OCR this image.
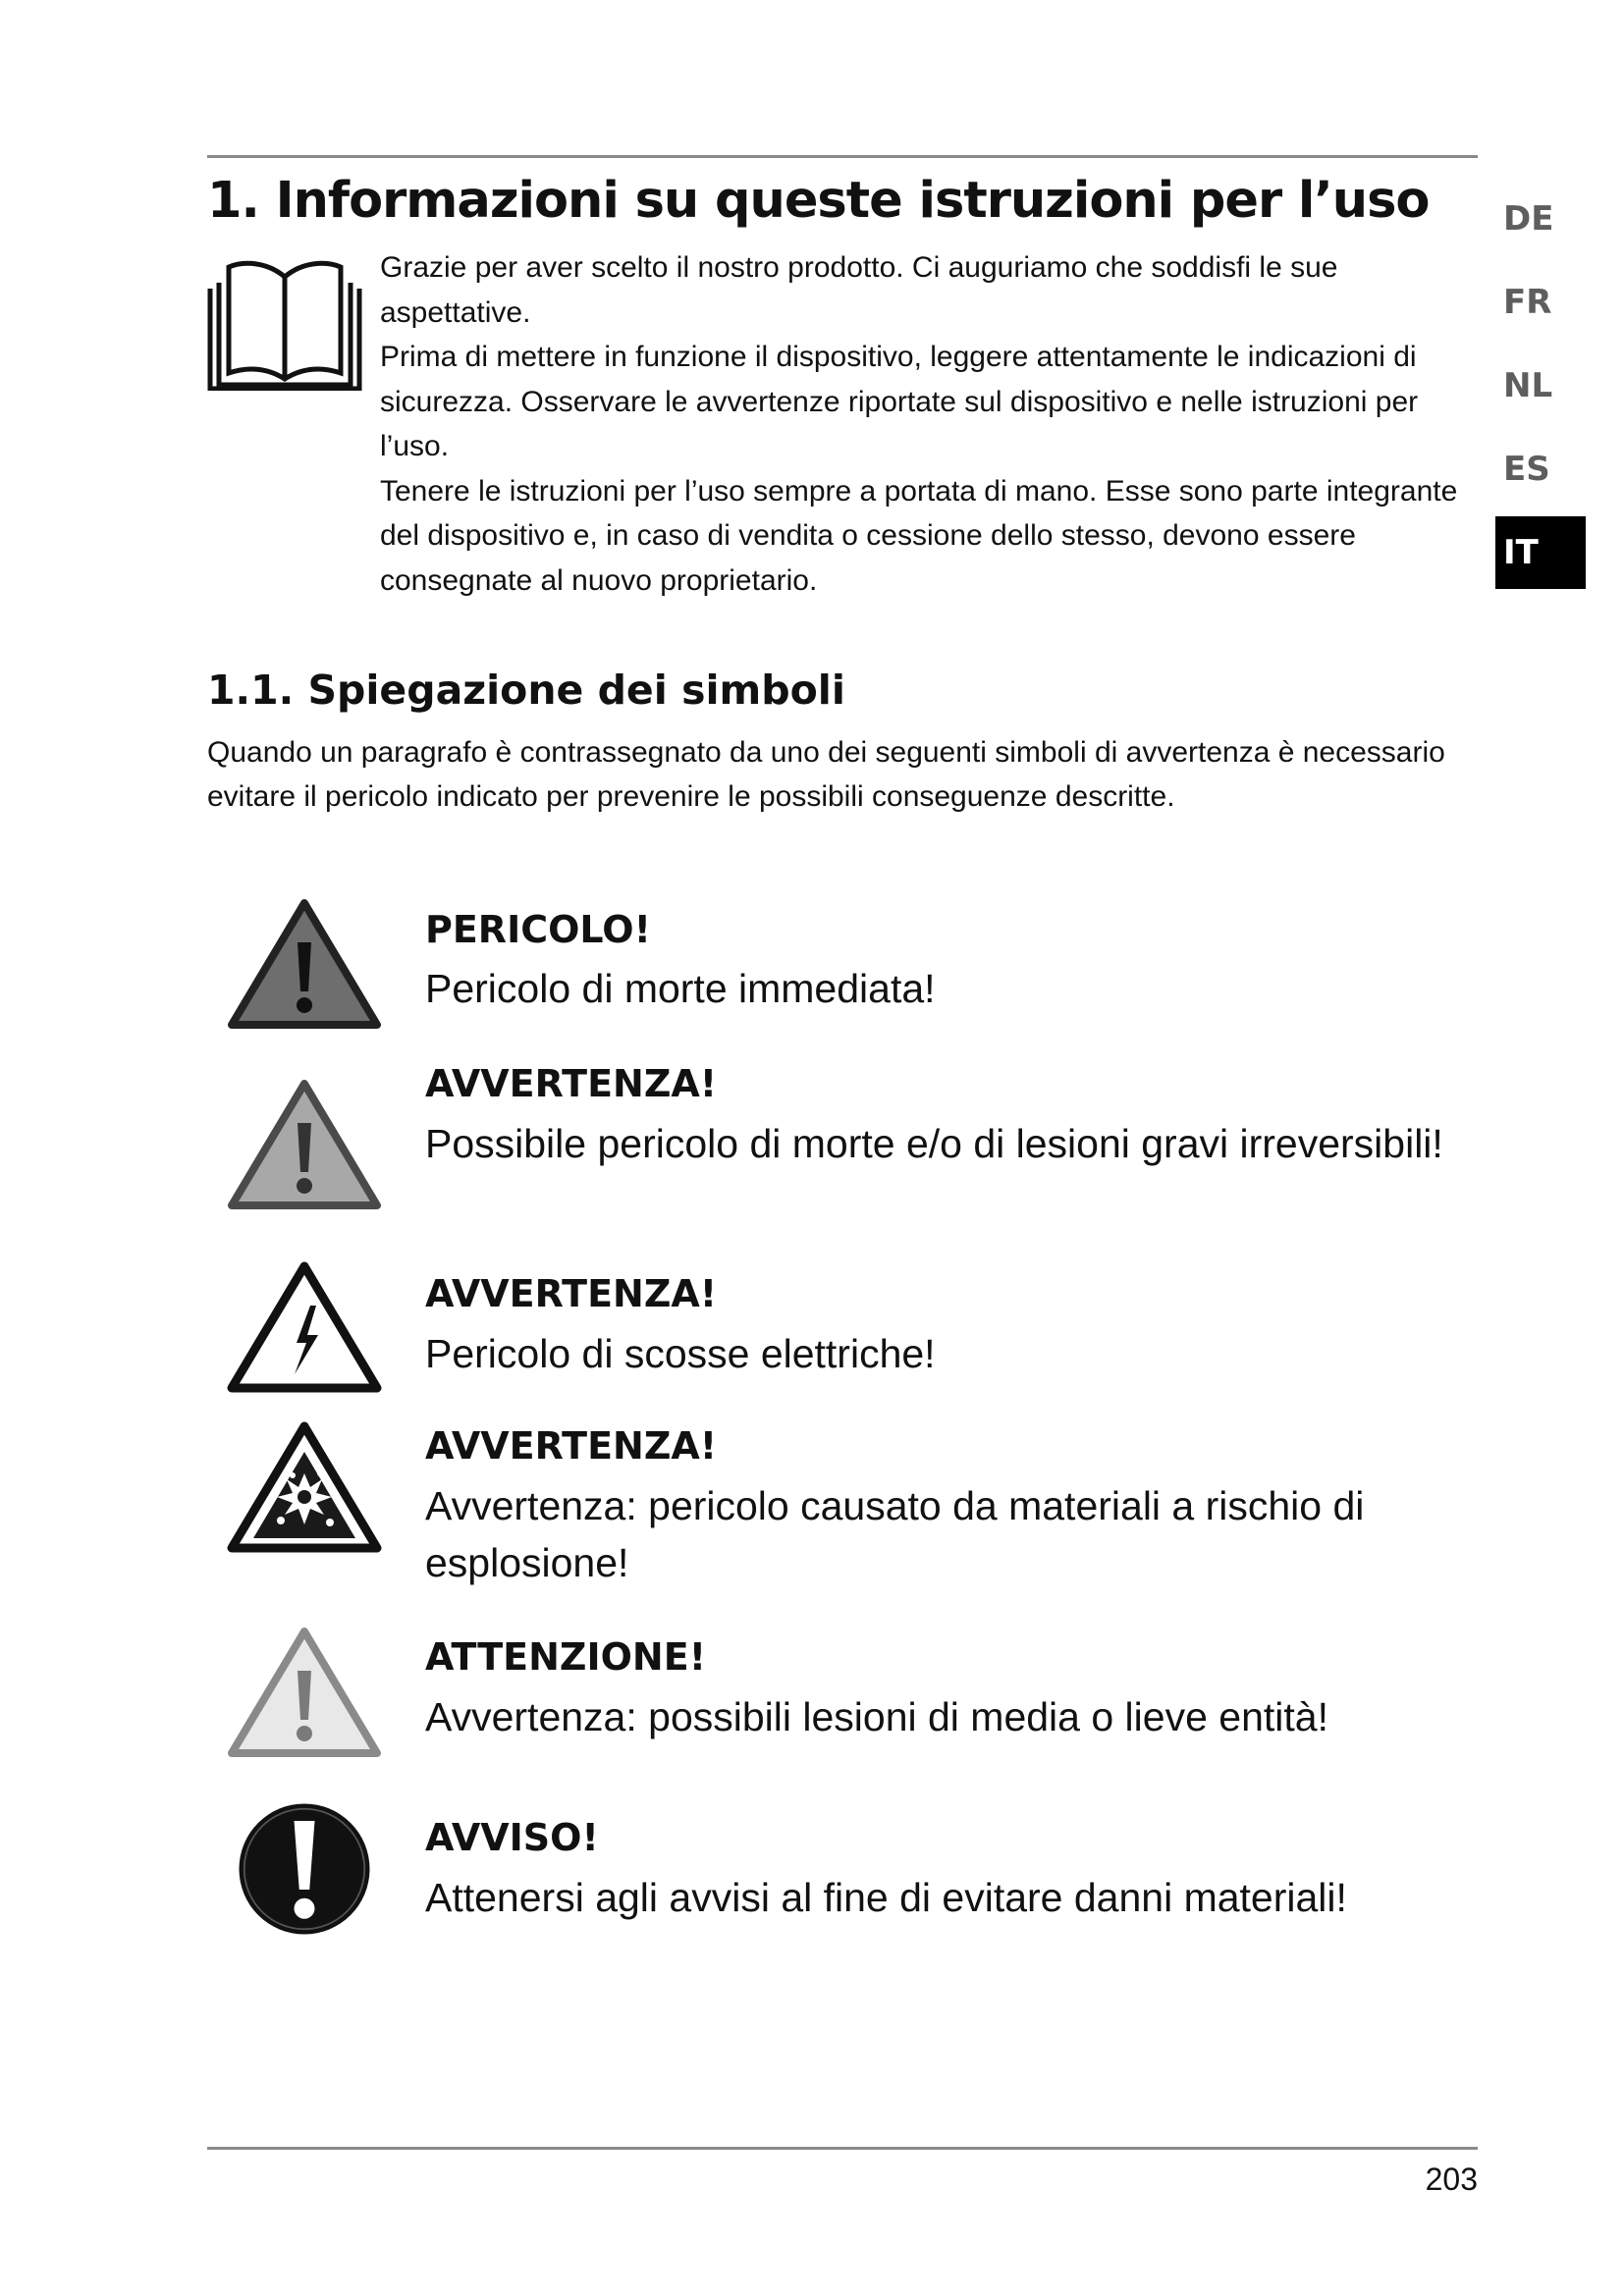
1. Informazioni su queste istruzioni per l’uso

Grazie per aver scelto il nostro prodotto. Ci auguriamo che soddisfi le sue aspettative.

Prima di mettere in funzione il dispositivo, leggere attentamente le indicazioni di sicurezza. Osservare le avvertenze riportate sul dispositivo e nelle istruzioni per l’uso.

Tenere le istruzioni per l’uso sempre a portata di mano. Esse sono parte integrante del dispositivo e, in caso di vendita o cessione dello stesso, devono essere consegnate al nuovo proprietario.

DE
FR
NL
ES
IT
1.1. Spiegazione dei simboli

Quando un paragrafo è contrassegnato da uno dei seguenti simboli di avvertenza è necessario evitare il pericolo indicato per prevenire le possibili conseguenze descritte.

PERICOLO!
Pericolo di morte immediata!
AVVERTENZA!
Possibile pericolo di morte e/o di lesioni gravi irreversibili!
AVVERTENZA!
Pericolo di scosse elettriche!
AVVERTENZA!
Avvertenza: pericolo causato da materiali a rischio di esplosione!
ATTENZIONE!
Avvertenza: possibili lesioni di media o lieve entità!
AVVISO!
Attenersi agli avvisi al fine di evitare danni materiali!
203
